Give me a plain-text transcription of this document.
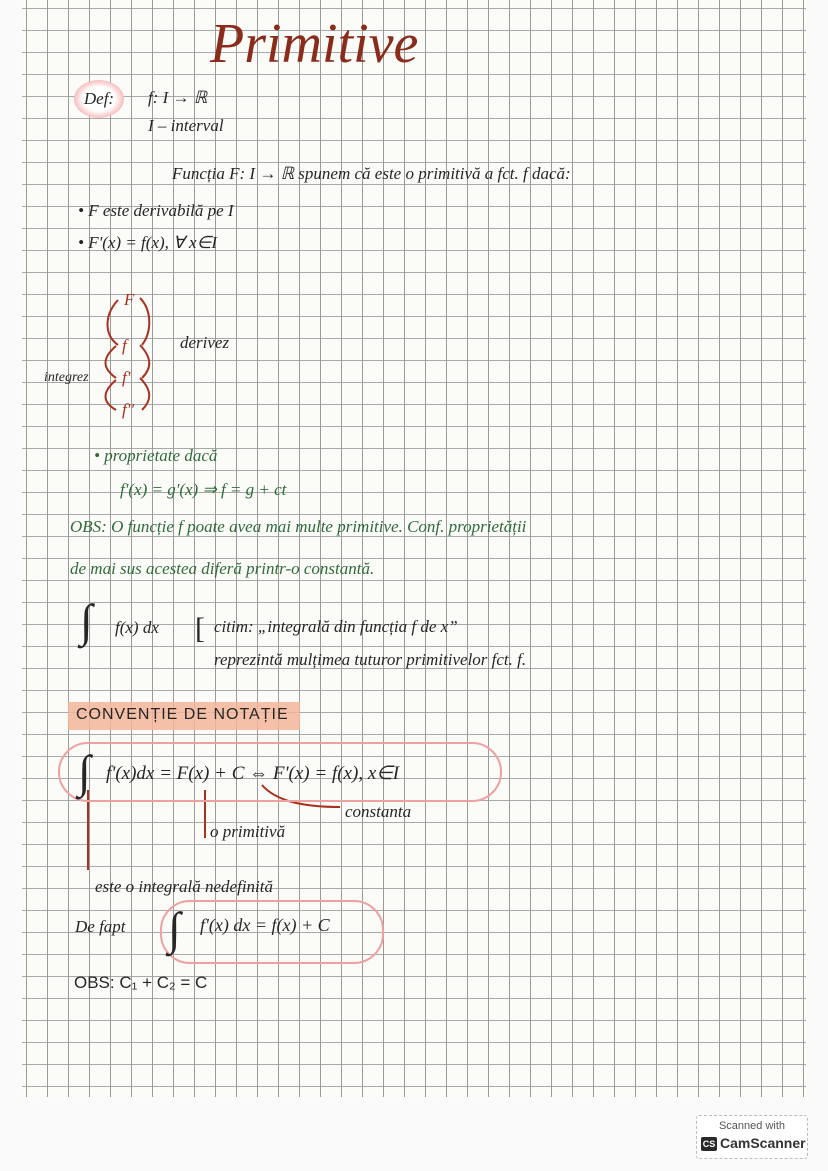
Primitive
Def:	f: I → ℝ
I – interval
Funcția F: I → ℝ spunem că este o primitivă a fct. f dacă:
• F este derivabilă pe I
• F'(x) = f(x), ∀ x∈I
F
f
f'
f''
derivez
integrez
• proprietate dacă
f'(x) = g'(x) ⇒ f = g + ct
OBS: O funcție f poate avea mai multe primitive. Conf. proprietății
de mai sus acestea diferă printr-o constantă.
∫ f(x) dx [ citim: „integrală din funcția f de x”
reprezintă mulțimea tuturor primitivelor fct. f.
CONVENȚIE DE NOTAȚIE
∫ f'(x)dx = F(x) + C ⇔ F'(x) = f(x), x∈I
constanta
o primitivă
este o integrală nedefinită
De fapt ∫ f'(x) dx = f(x) + C
OBS: C₁ + C₂ = C
Scanned with
CS CamScanner
